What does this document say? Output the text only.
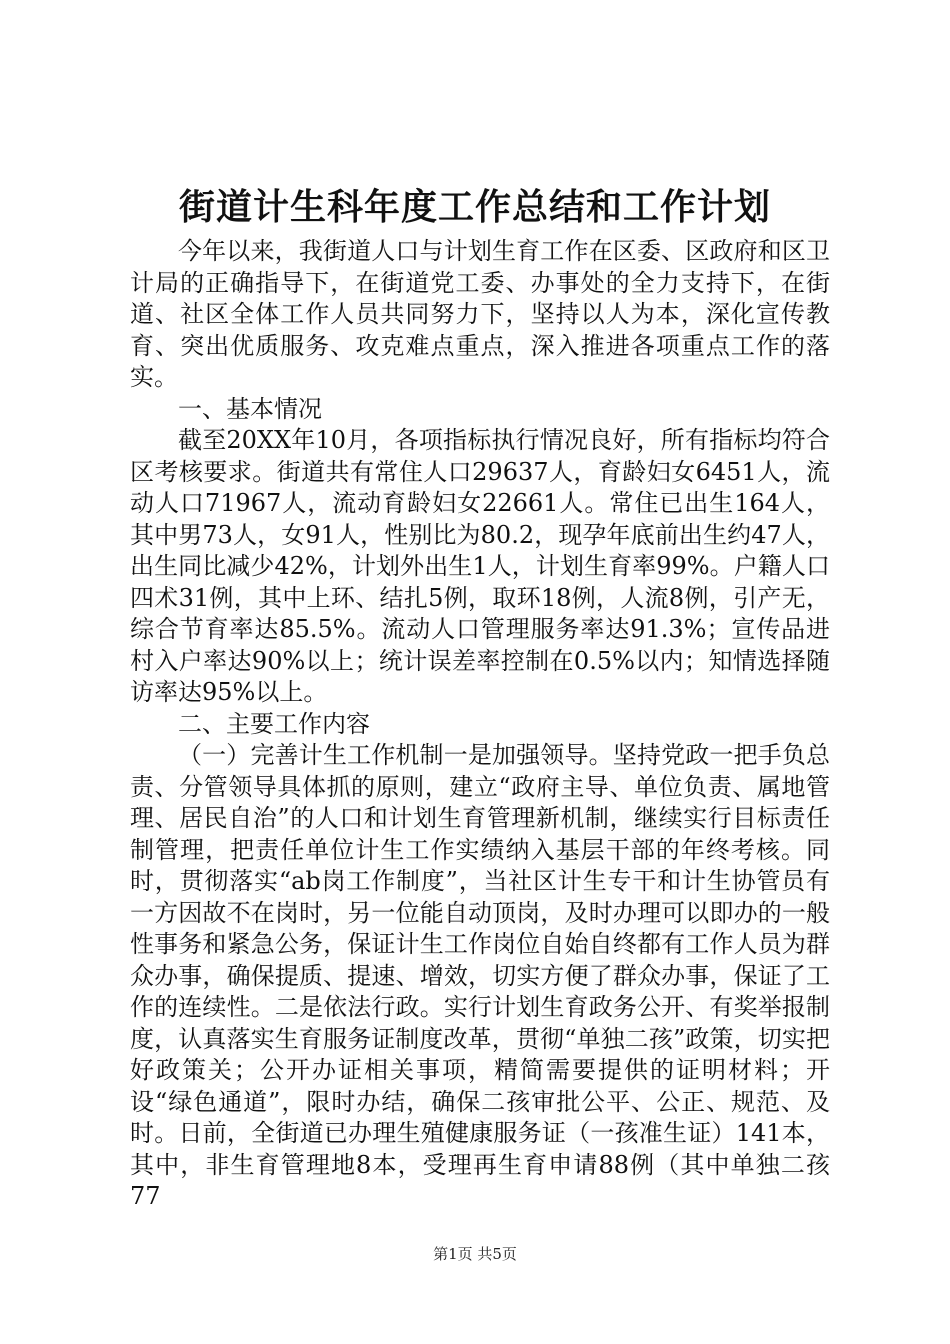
街道计生科年度工作总结和工作计划

今年以来，我街道人口与计划生育工作在区委、区政府和区卫计局的正确指导下，在街道党工委、办事处的全力支持下，在街道、社区全体工作人员共同努力下，坚持以人为本，深化宣传教育、突出优质服务、攻克难点重点，深入推进各项重点工作的落实。

一、基本情况

截至20XX年10月，各项指标执行情况良好，所有指标均符合区考核要求。街道共有常住人口29637人，育龄妇女6451人，流动人口71967人，流动育龄妇女22661人。常住已出生164人，其中男73人，女91人，性别比为80.2，现孕年底前出生约47人，出生同比减少42%，计划外出生1人，计划生育率99%。户籍人口四术31例，其中上环、结扎5例，取环18例，人流8例，引产无，综合节育率达85.5%。流动人口管理服务率达91.3%；宣传品进村入户率达90%以上；统计误差率控制在0.5%以内；知情选择随访率达95%以上。

二、主要工作内容

（一）完善计生工作机制一是加强领导。坚持党政一把手负总责、分管领导具体抓的原则，建立“政府主导、单位负责、属地管理、居民自治”的人口和计划生育管理新机制，继续实行目标责任制管理，把责任单位计生工作实绩纳入基层干部的年终考核。同时，贯彻落实“ab岗工作制度”，当社区计生专干和计生协管员有一方因故不在岗时，另一位能自动顶岗，及时办理可以即办的一般性事务和紧急公务，保证计生工作岗位自始自终都有工作人员为群众办事，确保提质、提速、增效，切实方便了群众办事，保证了工作的连续性。二是依法行政。实行计划生育政务公开、有奖举报制度，认真落实生育服务证制度改革，贯彻“单独二孩”政策，切实把好政策关；公开办证相关事项，精简需要提供的证明材料；开设“绿色通道”，限时办结，确保二孩审批公平、公正、规范、及时。日前，全街道已办理生殖健康服务证（一孩准生证）141本，其中，非生育管理地8本，受理再生育申请88例（其中单独二孩77

第1页 共5页
